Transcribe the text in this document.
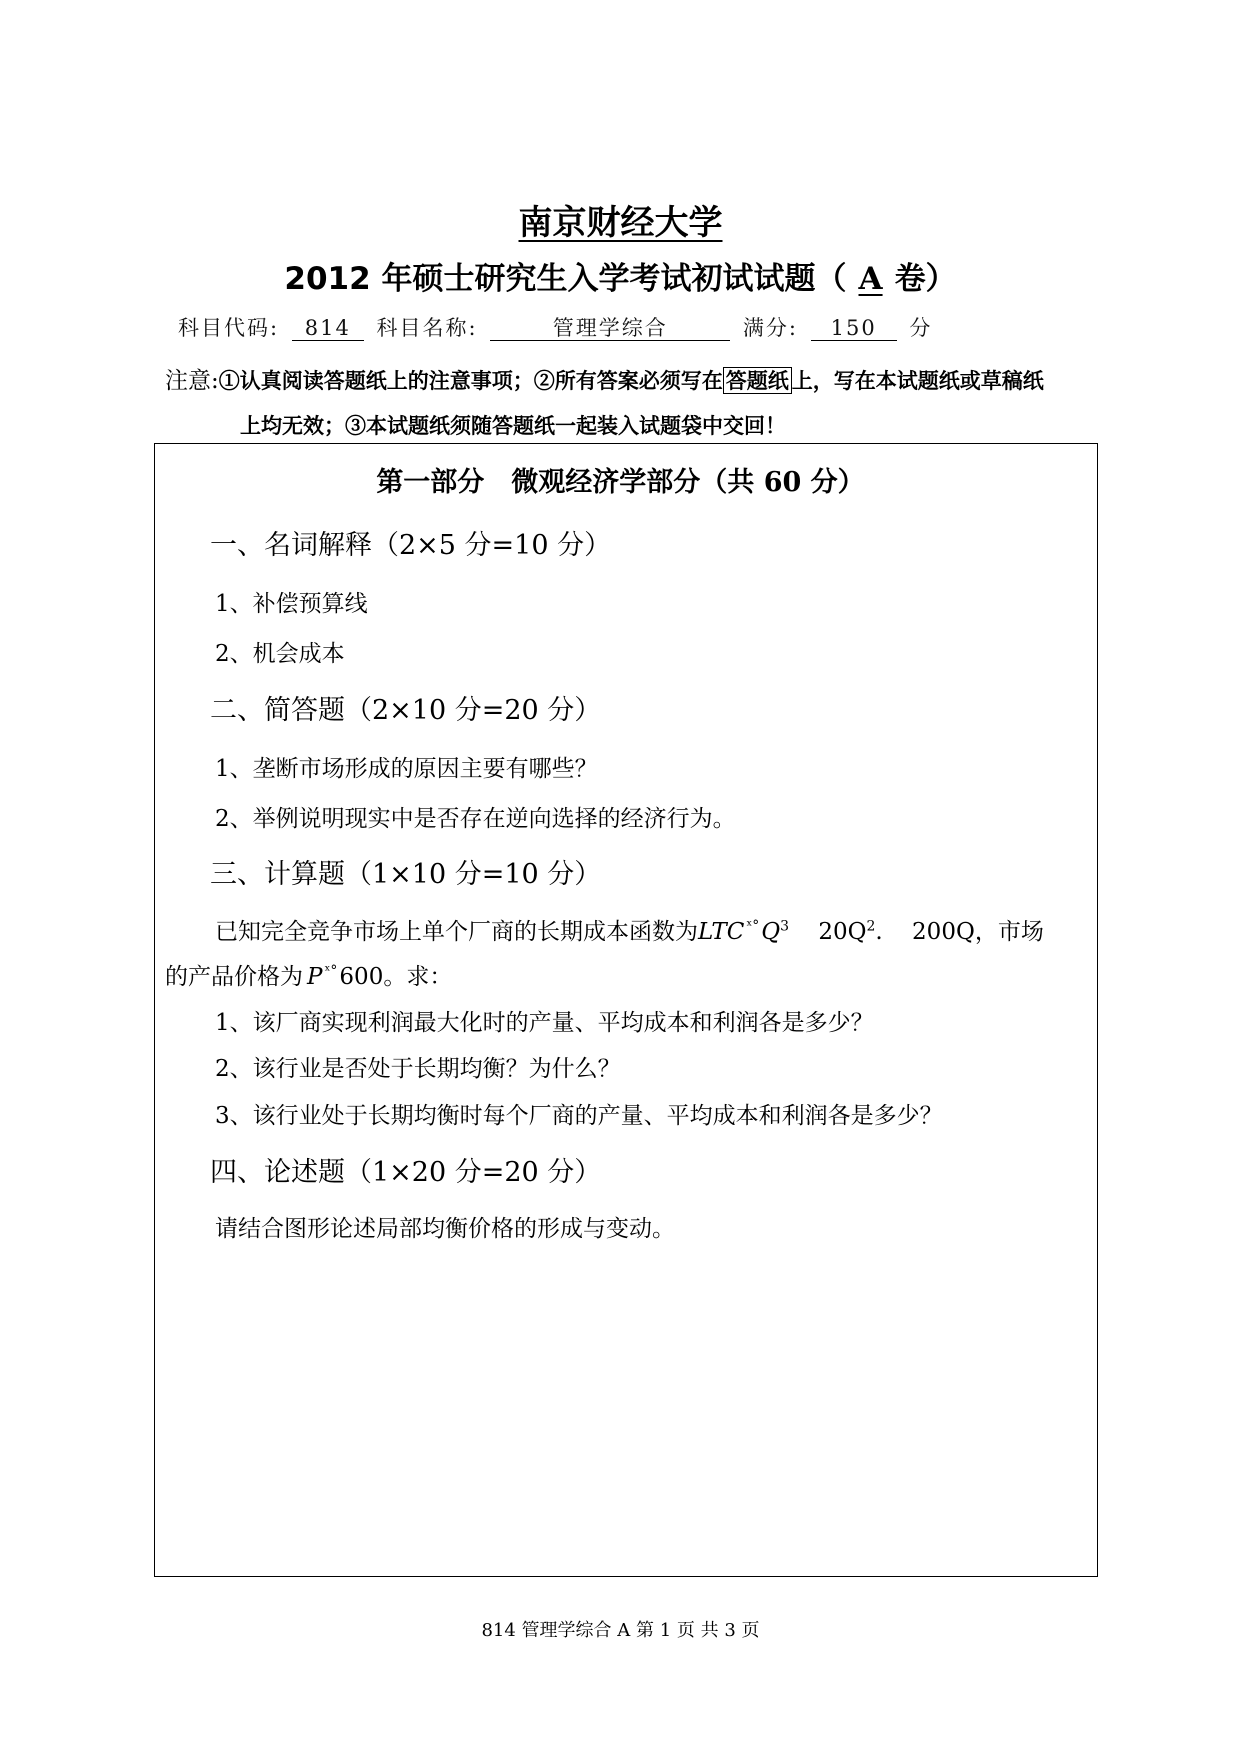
南京财经大学
2012 年硕士研究生入学考试初试试题（ A 卷）
科目代码: 814 科目名称:	管理学综合	满分: 150 分
注意:①认真阅读答题纸上的注意事项；②所有答案必须写在 答题纸 上，写在本试题纸或草稿纸
上均无效；③本试题纸须随答题纸一起装入试题袋中交回！
第一部分　微观经济学部分（共 60 分）
一、名词解释（2×5 分=10 分）
1、补偿预算线
2、机会成本
二、简答题（2×10 分=20 分）
1、垄断市场形成的原因主要有哪些？
2、举例说明现实中是否存在逆向选择的经济行为。
三、计算题（1×10 分=10 分）
已知完全竞争市场上单个厂商的长期成本函数为LTC $^{ˣ^\circ}Q^3$ $20Q^2$. 200Q，市场
的产品价格为 P $^{ˣ^\circ}$600。求：
1、该厂商实现利润最大化时的产量、平均成本和利润各是多少？
2、该行业是否处于长期均衡？为什么？
3、该行业处于长期均衡时每个厂商的产量、平均成本和利润各是多少？
四、论述题（1×20 分=20 分）
请结合图形论述局部均衡价格的形成与变动。
814 管理学综合 A 第 1 页 共 3 页
